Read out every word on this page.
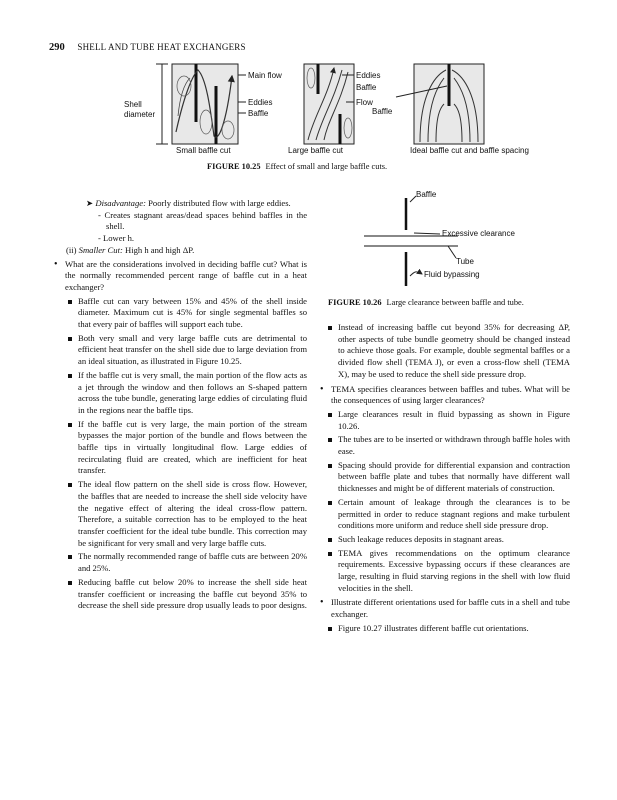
290 SHELL AND TUBE HEAT EXCHANGERS
Shell
diameter
Main flow
Eddies
Baffle
Eddies
Baffle
Flow
Baffle
Small baffle cut	Large baffle cut	Ideal baffle cut and baffle spacing
FIGURE 10.25 Effect of small and large baffle cuts.
Baffle
Excessive clearance
Tube
Fluid bypassing
FIGURE 10.26 Large clearance between baffle and tube.

➤ Disadvantage: Poorly distributed flow with large eddies.

- Creates stagnant areas/dead spaces behind baffles in the shell.

- Lower h.

(ii) Smaller Cut: High h and high ΔP.

• What are the considerations involved in deciding baffle cut? What is the normally recommended percent range of baffle cut in a heat exchanger?

Baffle cut can vary between 15% and 45% of the shell inside diameter. Maximum cut is 45% for single segmental baffles so that every pair of baffles will support each tube.

Both very small and very large baffle cuts are detrimental to efficient heat transfer on the shell side due to large deviation from an ideal situation, as illustrated in Figure 10.25.

If the baffle cut is very small, the main portion of the flow acts as a jet through the window and then follows an S-shaped pattern across the tube bundle, generating large eddies of circulating fluid in the regions near the baffle tips.

If the baffle cut is very large, the main portion of the stream bypasses the major portion of the bundle and flows between the baffle tips in virtually longitudinal flow. Large eddies of recirculating fluid are created, which are inefficient for heat transfer.

The ideal flow pattern on the shell side is cross flow. However, the baffles that are needed to increase the shell side velocity have the negative effect of altering the ideal cross-flow pattern. Therefore, a suitable correction has to be employed to the heat transfer coefficient for the ideal tube bundle. This correction may be significant for very small and very large baffle cuts.

The normally recommended range of baffle cuts are between 20% and 25%.

Reducing baffle cut below 20% to increase the shell side heat transfer coefficient or increasing the baffle cut beyond 35% to decrease the shell side pressure drop usually leads to poor designs.

Instead of increasing baffle cut beyond 35% for decreasing ΔP, other aspects of tube bundle geometry should be changed instead to achieve those goals. For example, double segmental baffles or a divided flow shell (TEMA J), or even a cross-flow shell (TEMA X), may be used to reduce the shell side pressure drop.

• TEMA specifies clearances between baffles and tubes. What will be the consequences of using larger clearances?

Large clearances result in fluid bypassing as shown in Figure 10.26.

The tubes are to be inserted or withdrawn through baffle holes with ease.

Spacing should provide for differential expansion and contraction between baffle plate and tubes that normally have different wall thicknesses and might be of different materials of construction.

Certain amount of leakage through the clearances is to be permitted in order to reduce stagnant regions and make turbulent conditions more uniform and reduce shell side pressure drop.

Such leakage reduces deposits in stagnant areas.

TEMA gives recommendations on the optimum clearance requirements. Excessive bypassing occurs if these clearances are large, resulting in fluid starving regions in the shell with low fluid velocities in the shell.

• Illustrate different orientations used for baffle cuts in a shell and tube exchanger.

Figure 10.27 illustrates different baffle cut orientations.
